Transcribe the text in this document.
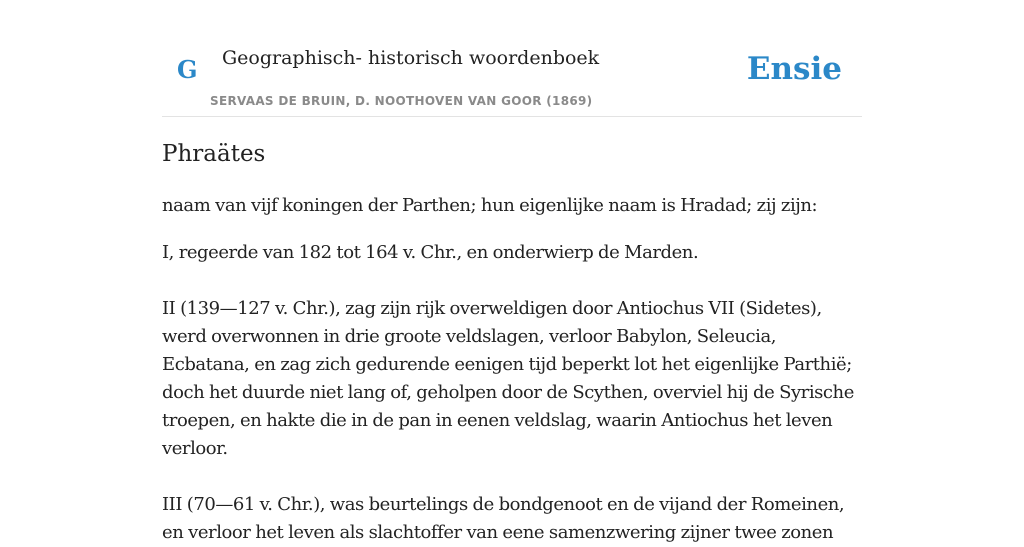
G Geographisch- historisch woordenboek
SERVAAS DE BRUIN, D. NOOTHOVEN VAN GOOR (1869)
Ensie
Phraätes

naam van vijf koningen der Parthen; hun eigenlijke naam is Hradad; zij zijn:

I, regeerde van 182 tot 164 v. Chr., en onderwierp de Marden.

II (139—127 v. Chr.), zag zijn rijk overweldigen door Antiochus VII (Sidetes), werd overwonnen in drie groote veldslagen, verloor Babylon, Seleucia, Ecbatana, en zag zich gedurende eenigen tijd beperkt lot het eigenlijke Parthië; doch het duurde niet lang of, geholpen door de Scythen, overviel hij de Syrische troepen, en hakte die in de pan in eenen veldslag, waarin Antiochus het leven verloor.

III (70—61 v. Chr.), was beurtelings de bondgenoot en de vijand der Romeinen, en verloor het leven als slachtoffer van eene samenzwering zijner twee zonen
